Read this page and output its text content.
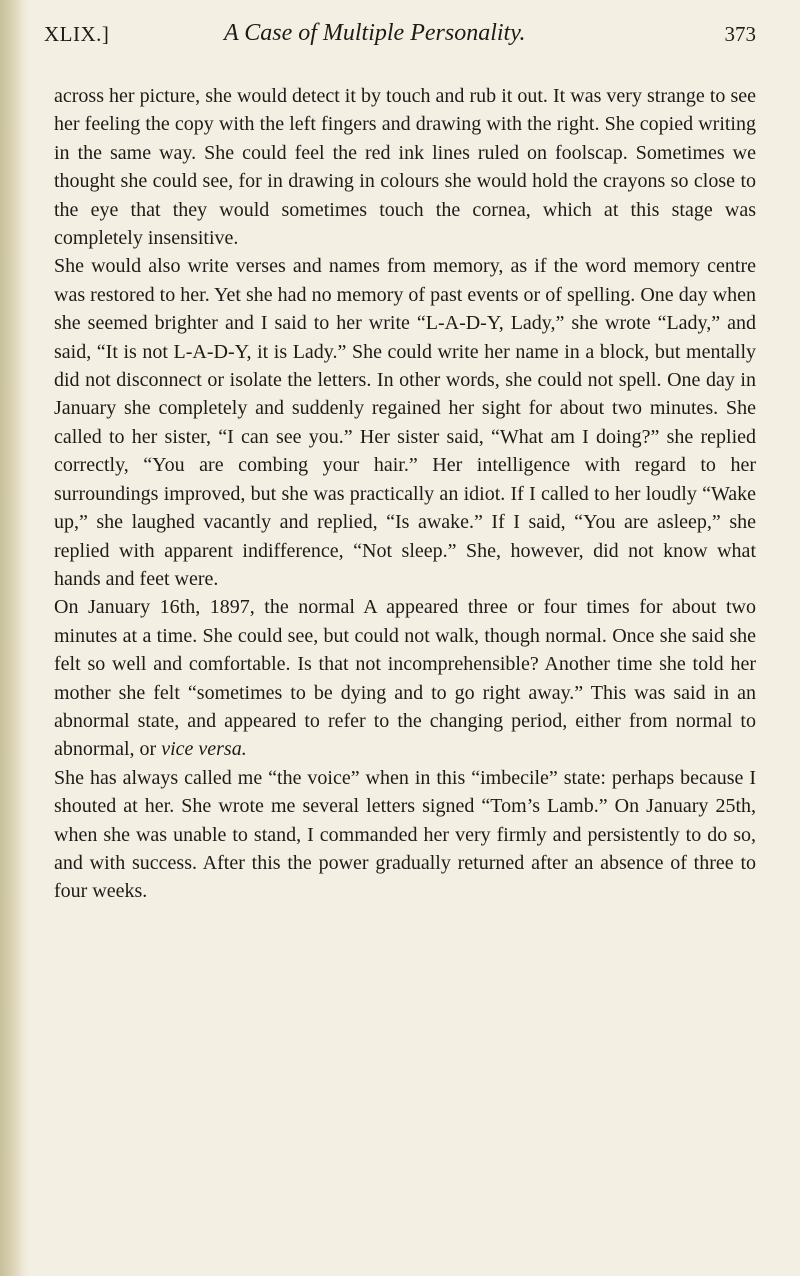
XLIX.]	A Case of Multiple Personality.	373

across her picture, she would detect it by touch and rub it out. It was very strange to see her feeling the copy with the left fingers and drawing with the right. She copied writing in the same way. She could feel the red ink lines ruled on foolscap. Sometimes we thought she could see, for in drawing in colours she would hold the crayons so close to the eye that they would sometimes touch the cornea, which at this stage was completely insensitive.

She would also write verses and names from memory, as if the word memory centre was restored to her. Yet she had no memory of past events or of spelling. One day when she seemed brighter and I said to her write “L-A-D-Y, Lady,” she wrote “Lady,” and said, “It is not L-A-D-Y, it is Lady.” She could write her name in a block, but mentally did not disconnect or isolate the letters. In other words, she could not spell. One day in January she completely and suddenly regained her sight for about two minutes. She called to her sister, “I can see you.” Her sister said, “What am I doing?” she replied correctly, “You are combing your hair.” Her intelligence with regard to her surroundings improved, but she was practically an idiot. If I called to her loudly “Wake up,” she laughed vacantly and replied, “Is awake.” If I said, “You are asleep,” she replied with apparent indifference, “Not sleep.” She, however, did not know what hands and feet were.

On January 16th, 1897, the normal A appeared three or four times for about two minutes at a time. She could see, but could not walk, though normal. Once she said she felt so well and comfortable. Is that not incomprehensible? Another time she told her mother she felt “sometimes to be dying and to go right away.” This was said in an abnormal state, and appeared to refer to the changing period, either from normal to abnormal, or vice versa.

She has always called me “the voice” when in this “imbecile” state: perhaps because I shouted at her. She wrote me several letters signed “Tom’s Lamb.” On January 25th, when she was unable to stand, I commanded her very firmly and persistently to do so, and with success. After this the power gradually returned after an absence of three to four weeks.
